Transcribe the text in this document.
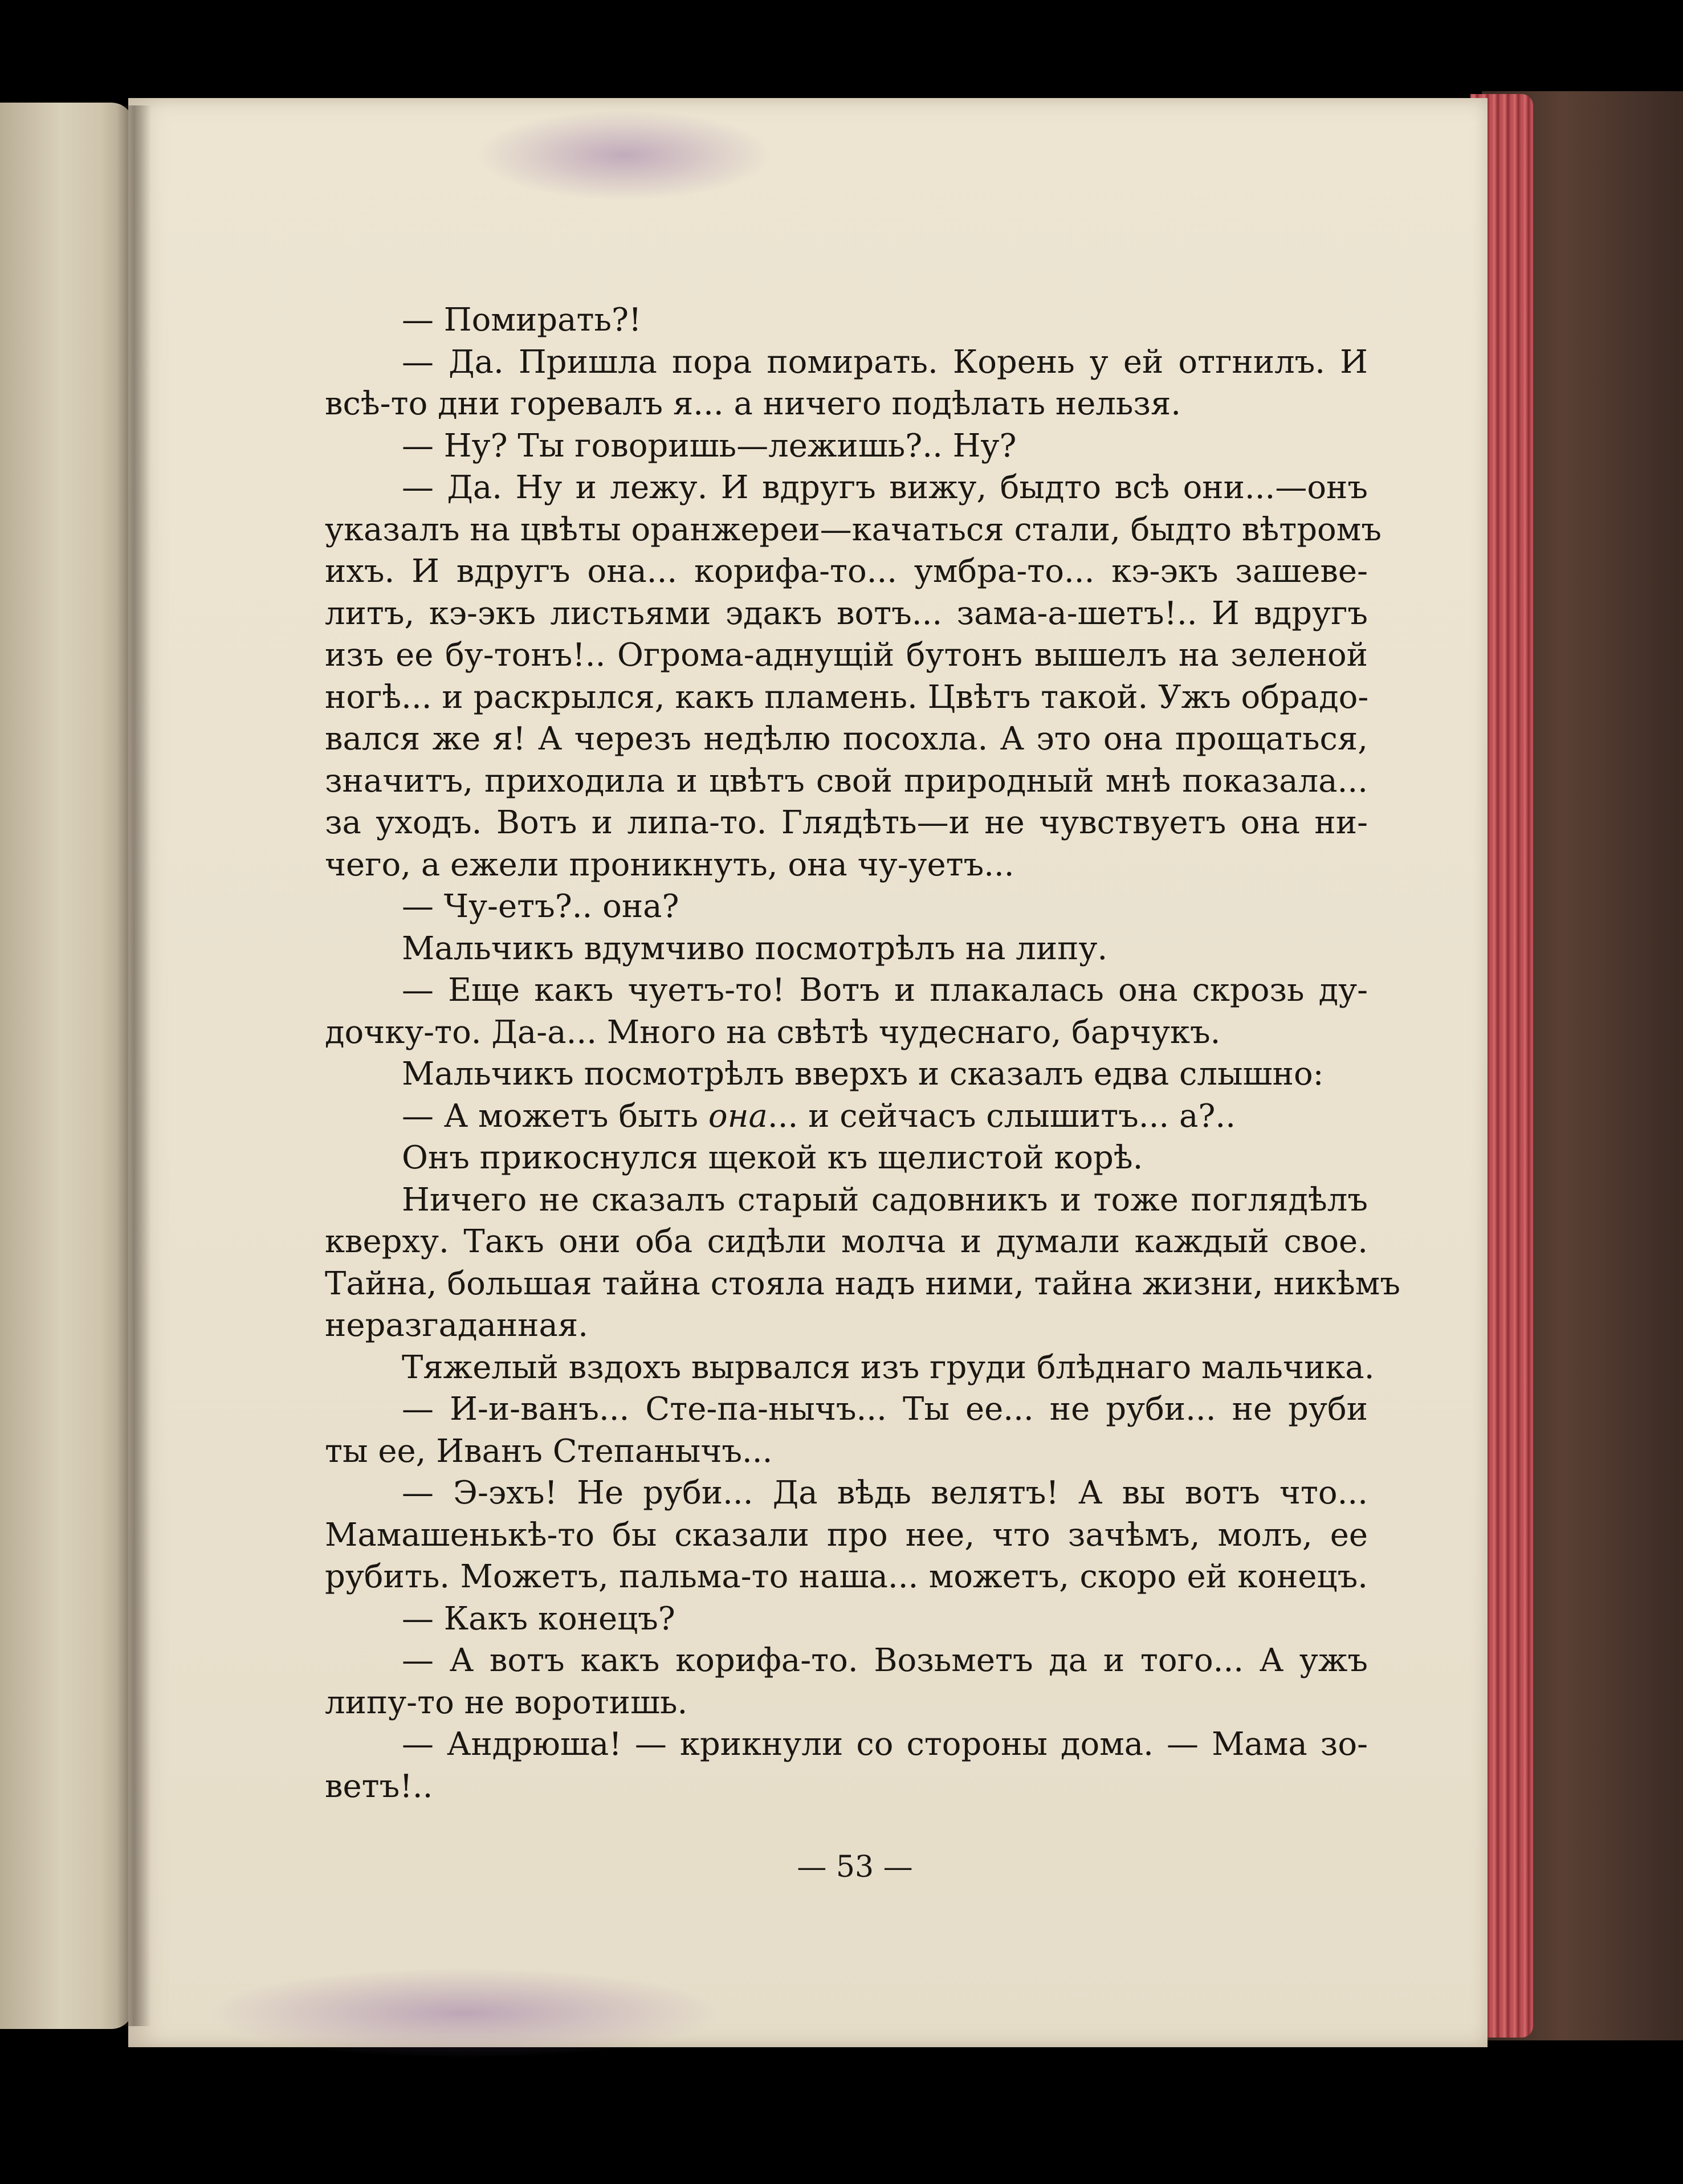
— Помирать?!
— Да. Пришла пора помирать. Корень у ей отгнилъ. И
всѣ-то дни горевалъ я... а ничего подѣлать нельзя.
— Ну? Ты говоришь—лежишь?.. Ну?
— Да. Ну и лежу. И вдругъ вижу, быдто всѣ они...—онъ
указалъ на цвѣты оранжереи—качаться стали, быдто вѣтромъ
ихъ. И вдругъ она... корифа-то... умбра-то... кэ-экъ зашеве-
литъ, кэ-экъ листьями эдакъ вотъ... зама-а-шетъ!.. И вдругъ
изъ ее бу-тонъ!.. Огрома-аднущій бутонъ вышелъ на зеленой
ногѣ... и раскрылся, какъ пламень. Цвѣтъ такой. Ужъ обрадо-
вался же я! А черезъ недѣлю посохла. А это она прощаться,
значитъ, приходила и цвѣтъ свой природный мнѣ показала...
за уходъ. Вотъ и липа-то. Глядѣть—и не чувствуетъ она ни-
чего, а ежели проникнуть, она чу-уетъ...
— Чу-етъ?.. она?
Мальчикъ вдумчиво посмотрѣлъ на липу.
— Еще какъ чуетъ-то! Вотъ и плакалась она скрозь ду-
дочку-то. Да-а... Много на свѣтѣ чудеснаго, барчукъ.
Мальчикъ посмотрѣлъ вверхъ и сказалъ едва слышно:
— А можетъ быть она... и сейчасъ слышитъ... а?..
Онъ прикоснулся щекой къ щелистой корѣ.
Ничего не сказалъ старый садовникъ и тоже поглядѣлъ
кверху. Такъ они оба сидѣли молча и думали каждый свое.
Тайна, большая тайна стояла надъ ними, тайна жизни, никѣмъ
неразгаданная.
Тяжелый вздохъ вырвался изъ груди блѣднаго мальчика.
— И-и-ванъ... Сте-па-нычъ... Ты ее... не руби... не руби
ты ее, Иванъ Степанычъ...
— Э-эхъ! Не руби... Да вѣдь велятъ! А вы вотъ что...
Мамашенькѣ-то бы сказали про нее, что зачѣмъ, молъ, ее
рубить. Можетъ, пальма-то наша... можетъ, скоро ей конецъ.
— Какъ конецъ?
— А вотъ какъ корифа-то. Возьметъ да и того... А ужъ
липу-то не воротишь.
— Андрюша! — крикнули со стороны дома. — Мама зо-
ветъ!..
— 53 —
